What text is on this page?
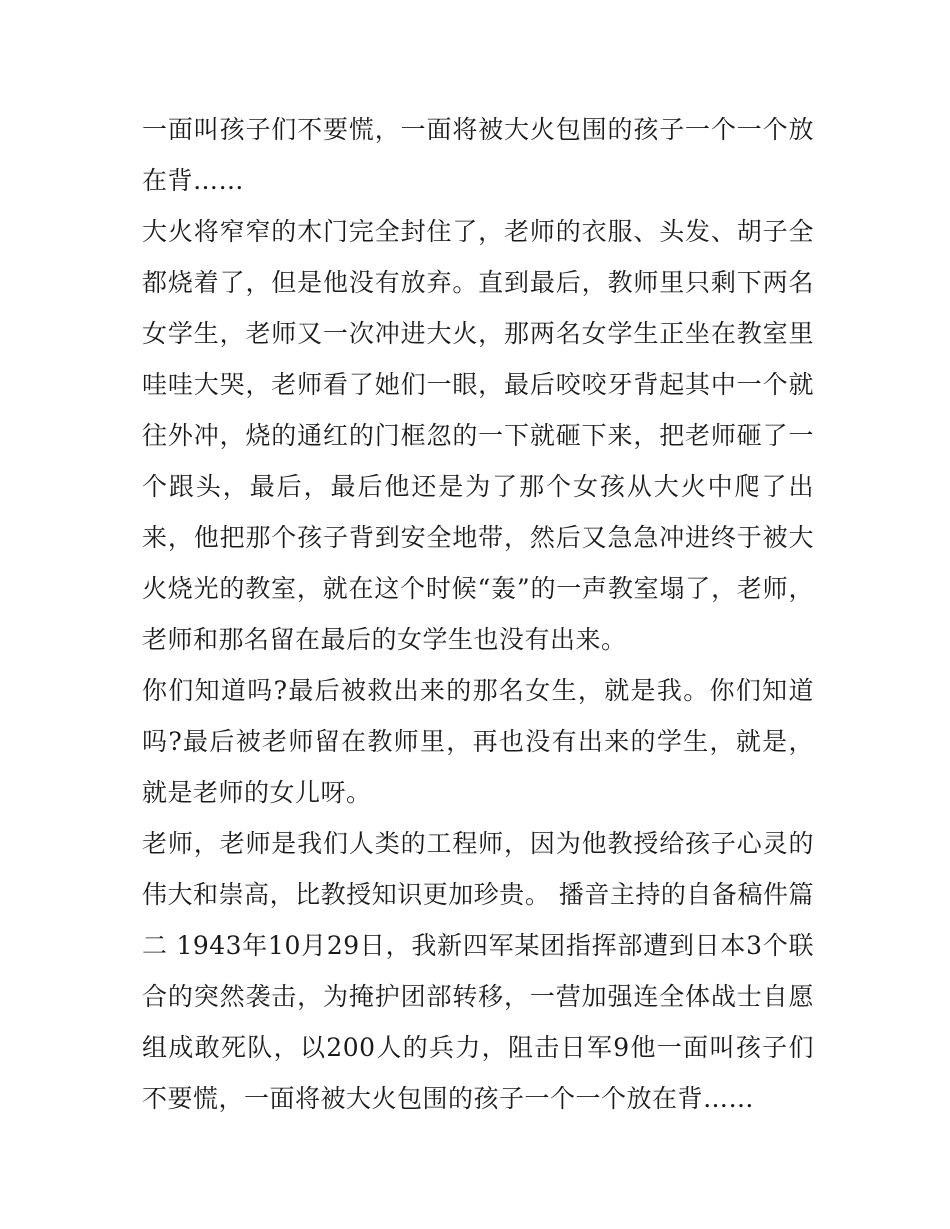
一面叫孩子们不要慌，一面将被大火包围的孩子一个一个放在背……

大火将窄窄的木门完全封住了，老师的衣服、头发、胡子全都烧着了，但是他没有放弃。直到最后，教师里只剩下两名女学生，老师又一次冲进大火，那两名女学生正坐在教室里哇哇大哭，老师看了她们一眼，最后咬咬牙背起其中一个就往外冲，烧的通红的门框忽的一下就砸下来，把老师砸了一个跟头，最后，最后他还是为了那个女孩从大火中爬了出来，他把那个孩子背到安全地带，然后又急急冲进终于被大火烧光的教室，就在这个时候“轰”的一声教室塌了，老师，老师和那名留在最后的女学生也没有出来。

你们知道吗?最后被救出来的那名女生，就是我。你们知道吗?最后被老师留在教师里，再也没有出来的学生，就是，就是老师的女儿呀。

老师，老师是我们人类的工程师，因为他教授给孩子心灵的伟大和崇高，比教授知识更加珍贵。 播音主持的自备稿件篇二 1943年10月29日，我新四军某团指挥部遭到日本3个联合的突然袭击，为掩护团部转移，一营加强连全体战士自愿组成敢死队，以200人的兵力，阻击日军9他一面叫孩子们不要慌，一面将被大火包围的孩子一个一个放在背……
